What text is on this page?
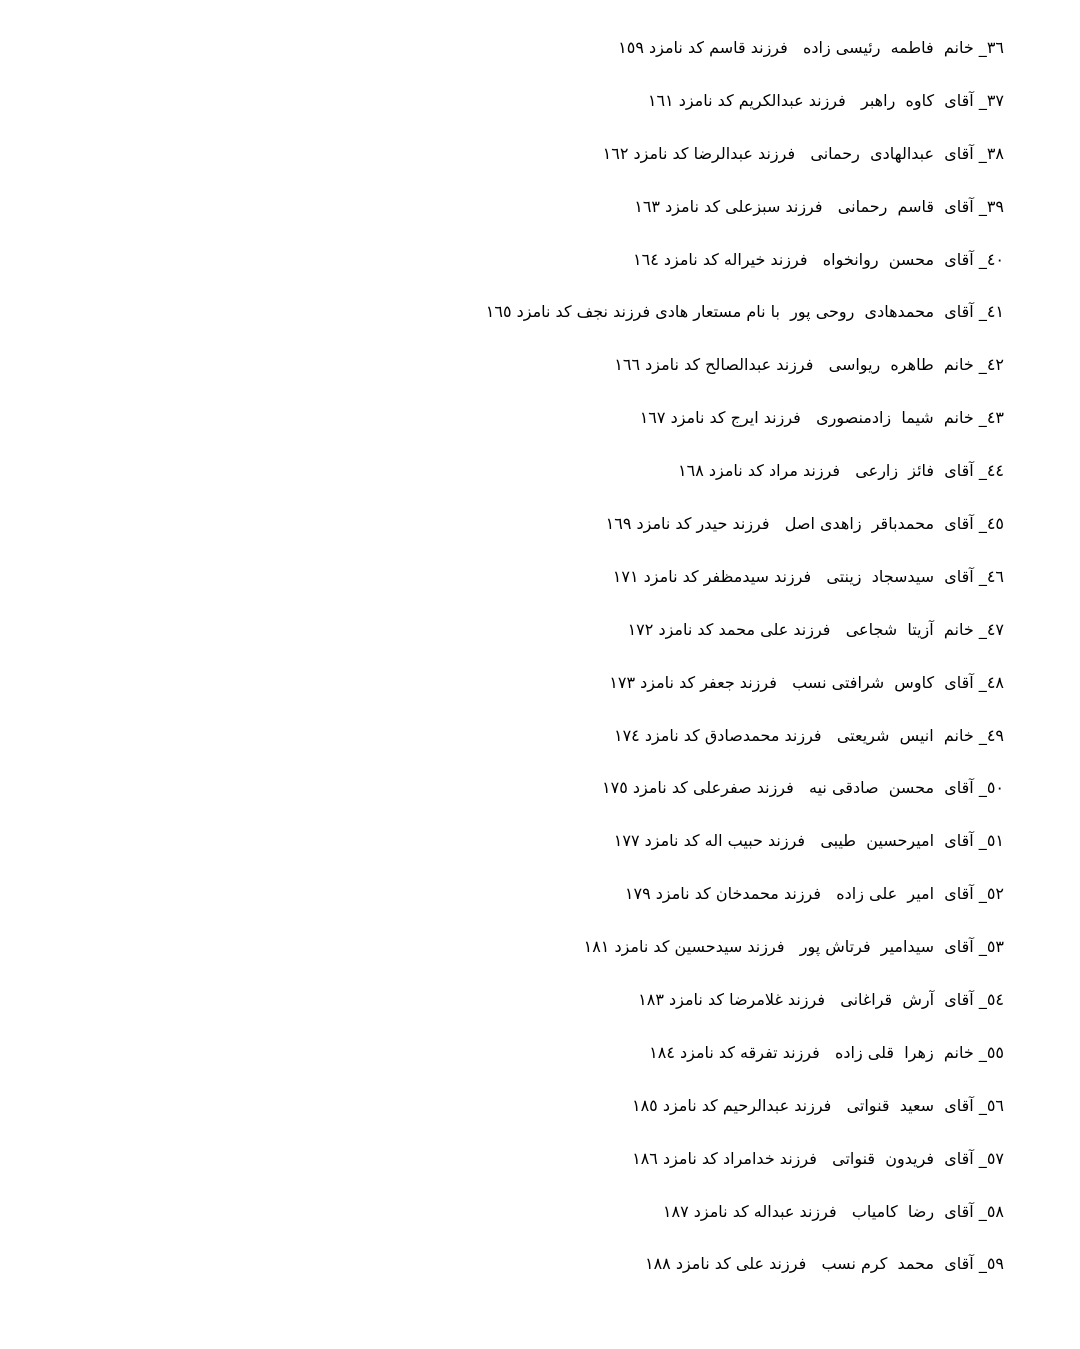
٣٦_ خانم  فاطمه  رئیسی زاده   فرزند قاسم کد نامزد ١٥٩
٣٧_ آقای  کاوه  راهبر   فرزند عبدالکریم کد نامزد ١٦١
٣٨_ آقای  عبدالهادی  رحمانی   فرزند عبدالرضا کد نامزد ١٦٢
٣٩_ آقای  قاسم  رحمانی   فرزند سبزعلی کد نامزد ١٦٣
٤٠_ آقای  محسن  روانخواه   فرزند خیراله کد نامزد ١٦٤
٤١_ آقای  محمدهادی  روحی پور  با نام مستعار هادی فرزند نجف کد نامزد ١٦٥
٤٢_ خانم  طاهره  ریواسی   فرزند عبدالصالح کد نامزد ١٦٦
٤٣_ خانم  شیما  زادمنصوری   فرزند ایرج کد نامزد ١٦٧
٤٤_ آقای  فائز  زارعی   فرزند مراد کد نامزد ١٦٨
٤٥_ آقای  محمدباقر  زاهدی اصل   فرزند حیدر کد نامزد ١٦٩
٤٦_ آقای  سیدسجاد  زینتی   فرزند سیدمظفر کد نامزد ١٧١
٤٧_ خانم  آزیتا  شجاعی   فرزند علی محمد کد نامزد ١٧٢
٤٨_ آقای  کاوس  شرافتی نسب   فرزند جعفر کد نامزد ١٧٣
٤٩_ خانم  انیس  شریعتی   فرزند محمدصادق کد نامزد ١٧٤
٥٠_ آقای  محسن  صادقی نیه   فرزند صفرعلی کد نامزد ١٧٥
٥١_ آقای  امیرحسین  طیبی   فرزند حبیب اله کد نامزد ١٧٧
٥٢_ آقای  امیر  علی زاده   فرزند محمدخان کد نامزد ١٧٩
٥٣_ آقای  سیدامیر  فرتاش پور   فرزند سیدحسین کد نامزد ١٨١
٥٤_ آقای  آرش  قراغانی   فرزند غلامرضا کد نامزد ١٨٣
٥٥_ خانم  زهرا  قلی زاده   فرزند تفرقه کد نامزد ١٨٤
٥٦_ آقای  سعید  قنواتی   فرزند عبدالرحیم کد نامزد ١٨٥
٥٧_ آقای  فریدون  قنواتی   فرزند خدامراد کد نامزد ١٨٦
٥٨_ آقای  رضا  کامیاب   فرزند عبداله کد نامزد ١٨٧
٥٩_ آقای  محمد  کرم نسب   فرزند علی کد نامزد ١٨٨
